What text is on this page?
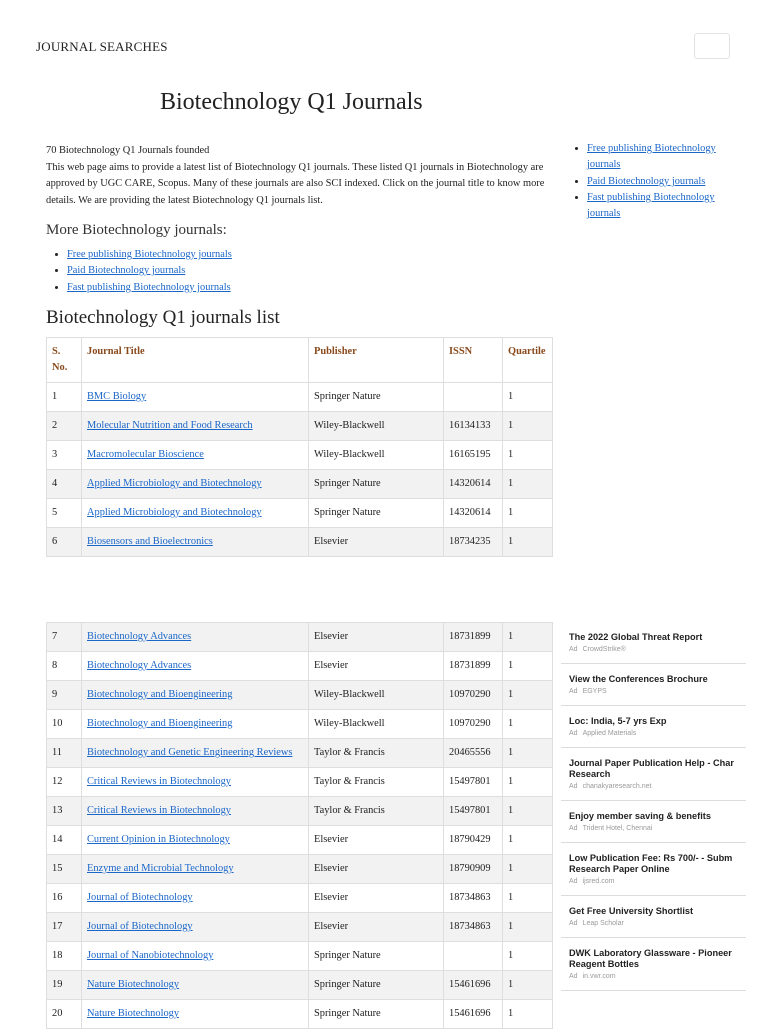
JOURNAL SEARCHES
Biotechnology Q1 Journals

70 Biotechnology Q1 Journals founded

This web page aims to provide a latest list of Biotechnology Q1 journals. These listed Q1 journals in Biotechnology are approved by UGC CARE, Scopus. Many of these journals are also SCI indexed. Click on the journal title to know more details. We are providing the latest Biotechnology Q1 journals list.

More Biotechnology journals:
• Free publishing Biotechnology journals
• Paid Biotechnology journals
• Fast publishing Biotechnology journals
• Free publishing Biotechnology journals
• Paid Biotechnology journals
• Fast publishing Biotechnology journals
Biotechnology Q1 journals list
S. No.	Journal Title	Publisher	ISSN	Quartile
1	BMC Biology	Springer Nature		1
2	Molecular Nutrition and Food Research	Wiley-Blackwell	16134133	1
3	Macromolecular Bioscience	Wiley-Blackwell	16165195	1
4	Applied Microbiology and Biotechnology	Springer Nature	14320614	1
5	Applied Microbiology and Biotechnology	Springer Nature	14320614	1
6	Biosensors and Bioelectronics	Elsevier	18734235	1
7	Biotechnology Advances	Elsevier	18731899	1
8	Biotechnology Advances	Elsevier	18731899	1
9	Biotechnology and Bioengineering	Wiley-Blackwell	10970290	1
10	Biotechnology and Bioengineering	Wiley-Blackwell	10970290	1
11	Biotechnology and Genetic Engineering Reviews	Taylor & Francis	20465556	1
12	Critical Reviews in Biotechnology	Taylor & Francis	15497801	1
13	Critical Reviews in Biotechnology	Taylor & Francis	15497801	1
14	Current Opinion in Biotechnology	Elsevier	18790429	1
15	Enzyme and Microbial Technology	Elsevier	18790909	1
16	Journal of Biotechnology	Elsevier	18734863	1
17	Journal of Biotechnology	Elsevier	18734863	1
18	Journal of Nanobiotechnology	Springer Nature		1
19	Nature Biotechnology	Springer Nature	15461696	1
20	Nature Biotechnology	Springer Nature	15461696	1
The 2022 Global Threat Report
Ad CrowdStrike®
View the Conferences Brochure
Ad EGYPS
Loc: India, 5-7 yrs Exp
Ad Applied Materials
Journal Paper Publication Help - Char Research
Ad chanakyaresearch.net
Enjoy member saving & benefits
Ad Trident Hotel, Chennai
Low Publication Fee: Rs 700/- - Subm Research Paper Online
Ad ijsred.com
Get Free University Shortlist
Ad Leap Scholar
DWK Laboratory Glassware - Pioneer Reagent Bottles
Ad in.vwr.com
